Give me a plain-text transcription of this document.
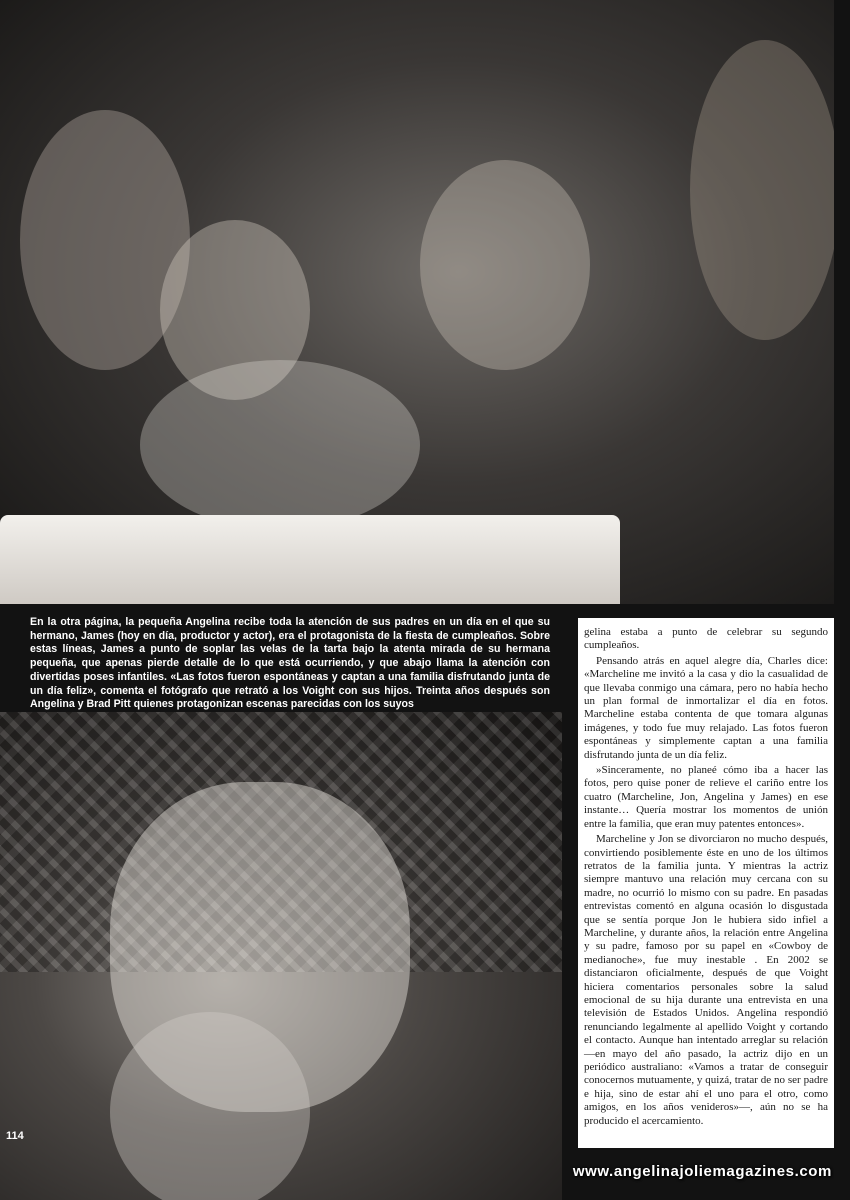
En la otra página, la pequeña Angelina recibe toda la atención de sus padres en un día en el que su hermano, James (hoy en día, productor y actor), era el protagonista de la fiesta de cumpleaños. Sobre estas líneas, James a punto de soplar las velas de la tarta bajo la atenta mirada de su hermana pequeña, que apenas pierde detalle de lo que está ocurriendo, y que abajo llama la atención con divertidas poses infantiles. «Las fotos fueron espontáneas y captan a una familia disfrutando junta de un día feliz», comenta el fotógrafo que retrató a los Voight con sus hijos. Treinta años después son Angelina y Brad Pitt quienes protagonizan escenas parecidas con los suyos

gelina estaba a punto de celebrar su segundo cumpleaños.

Pensando atrás en aquel alegre día, Charles dice: «Marcheline me invitó a la casa y dio la casualidad de que llevaba conmigo una cámara, pero no había hecho un plan formal de inmortalizar el día en fotos. Marcheline estaba contenta de que tomara algunas imágenes, y todo fue muy relajado. Las fotos fueron espontáneas y simplemente captan a una familia disfrutando junta de un día feliz.

»Sinceramente, no planeé cómo iba a hacer las fotos, pero quise poner de relieve el cariño entre los cuatro (Marcheline, Jon, Angelina y James) en ese instante… Quería mostrar los momentos de unión entre la familia, que eran muy patentes entonces».

Marcheline y Jon se divorciaron no mucho después, convirtiendo posiblemente éste en uno de los últimos retratos de la familia junta. Y mientras la actriz siempre mantuvo una relación muy cercana con su madre, no ocurrió lo mismo con su padre. En pasadas entrevistas comentó en alguna ocasión lo disgustada que se sentía porque Jon le hubiera sido infiel a Marcheline, y durante años, la relación entre Angelina y su padre, famoso por su papel en «Cowboy de medianoche», fue muy inestable . En 2002 se distanciaron oficialmente, después de que Voight hiciera comentarios personales sobre la salud emocional de su hija durante una entrevista en una televisión de Estados Unidos. Angelina respondió renunciando legalmente al apellido Voight y cortando el contacto. Aunque han intentado arreglar su relación —en mayo del año pasado, la actriz dijo en un periódico australiano: «Vamos a tratar de conseguir conocernos mutuamente, y quizá, tratar de no ser padre e hija, sino de estar ahí el uno para el otro, como amigos, en los años venideros»—, aún no se ha producido el acercamiento.

114
www.angelinajoliemagazines.com
